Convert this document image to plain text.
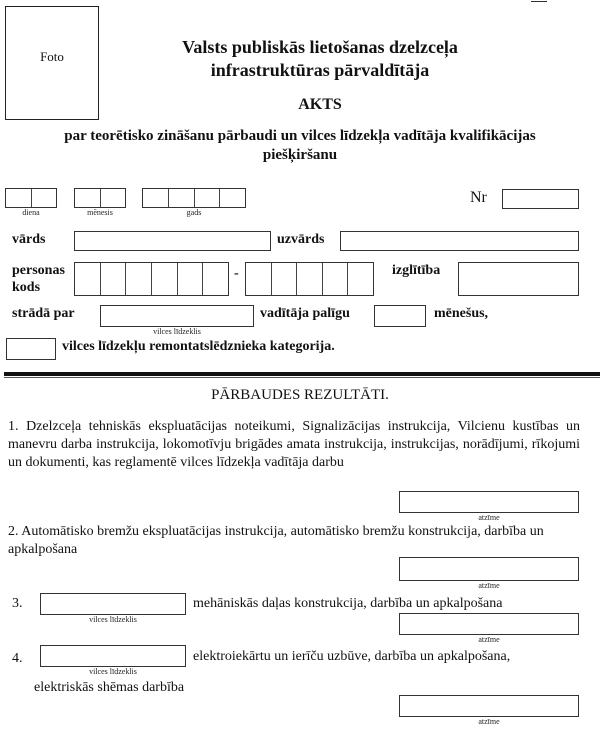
Foto	Valsts publiskās lietošanas dzelzceļa
infrastruktūras pārvaldītāja
AKTS
par teorētisko zināšanu pārbaudi un vilces līdzekļa vadītāja kvalifikācijas
piešķiršanu
diena	mēnesis	gads
Nr
vārds	uzvārds
personas
kods
-	izglītība
strādā par
vilces līdzeklis
vadītāja palīgu	mēnešus,
vilces līdzekļu remontatslēdznieka kategorija.
PĀRBAUDES REZULTĀTI.
1. Dzelzceļa tehniskās ekspluatācijas noteikumi, Signalizācijas instrukcija, Vilcienu kustības un manevru darba instrukcija, lokomotīvju brigādes amata instrukcija, instrukcijas, norādījumi, rīkojumi un dokumenti, kas reglamentē vilces līdzekļa vadītāja darbu
atzīme
2. Automātisko bremžu ekspluatācijas instrukcija, automātisko bremžu konstrukcija, darbība un apkalpošana
atzīme
3.
vilces līdzeklis
mehāniskās daļas konstrukcija, darbība un apkalpošana
atzīme
4.
vilces līdzeklis
elektroiekārtu un ierīču uzbūve, darbība un apkalpošana,
elektriskās shēmas darbība
atzīme
